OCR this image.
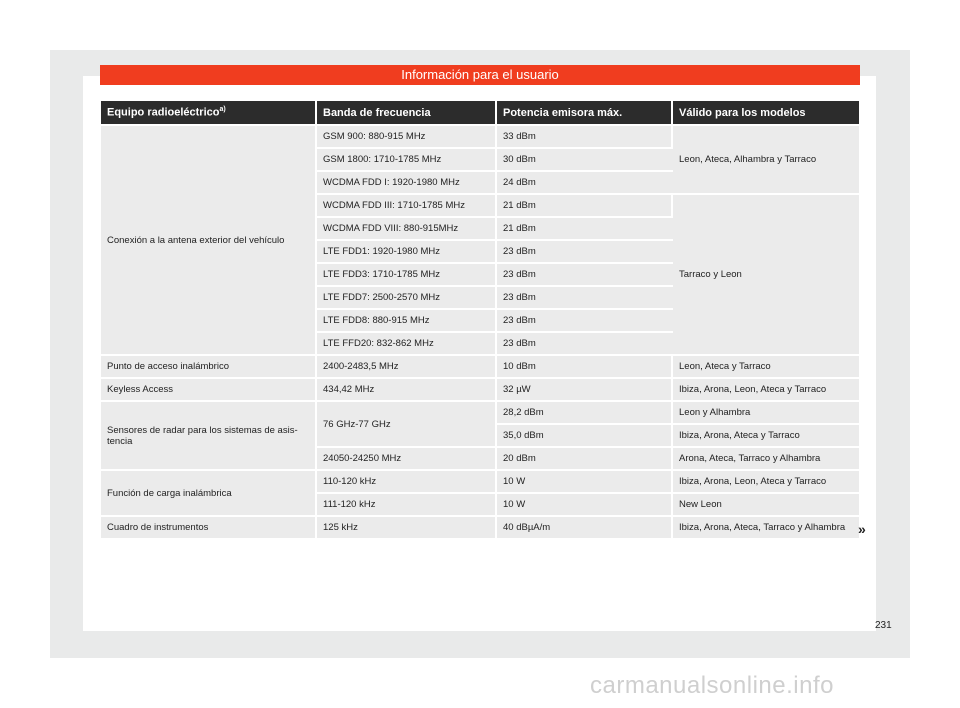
Información para el usuario
Equipo radioeléctrico$^{a)}$	Banda de frecuencia	Potencia emisora máx.	Válido para los modelos
Conexión a la antena exterior del vehículo	GSM 900: 880-915 MHz	33 dBm	Leon, Ateca, Alhambra y Tarraco
	GSM 1800: 1710-1785 MHz	30 dBm	
	WCDMA FDD I: 1920-1980 MHz	24 dBm	
	WCDMA FDD III: 1710-1785 MHz	21 dBm	Tarraco y Leon
	WCDMA FDD VIII: 880-915MHz	21 dBm	
	LTE FDD1: 1920-1980 MHz	23 dBm	
	LTE FDD3: 1710-1785 MHz	23 dBm	
	LTE FDD7: 2500-2570 MHz	23 dBm	
	LTE FDD8: 880-915 MHz	23 dBm	
	LTE FFD20: 832-862 MHz	23 dBm	
Punto de acceso inalámbrico	2400-2483,5 MHz	10 dBm	Leon, Ateca y Tarraco
Keyless Access	434,42 MHz	32 µW	Ibiza, Arona, Leon, Ateca y Tarraco
Sensores de radar para los sistemas de asis-tencia	76 GHz-77 GHz	28,2 dBm	Leon y Alhambra
		35,0 dBm	Ibiza, Arona, Ateca y Tarraco
	24050-24250 MHz	20 dBm	Arona, Ateca, Tarraco y Alhambra
Función de carga inalámbrica	110-120 kHz	10 W	Ibiza, Arona, Leon, Ateca y Tarraco
	111-120 kHz	10 W	New Leon
Cuadro de instrumentos	125 kHz	40 dBµA/m	Ibiza, Arona, Ateca, Tarraco y Alhambra »
231
carmanualsonline.info
